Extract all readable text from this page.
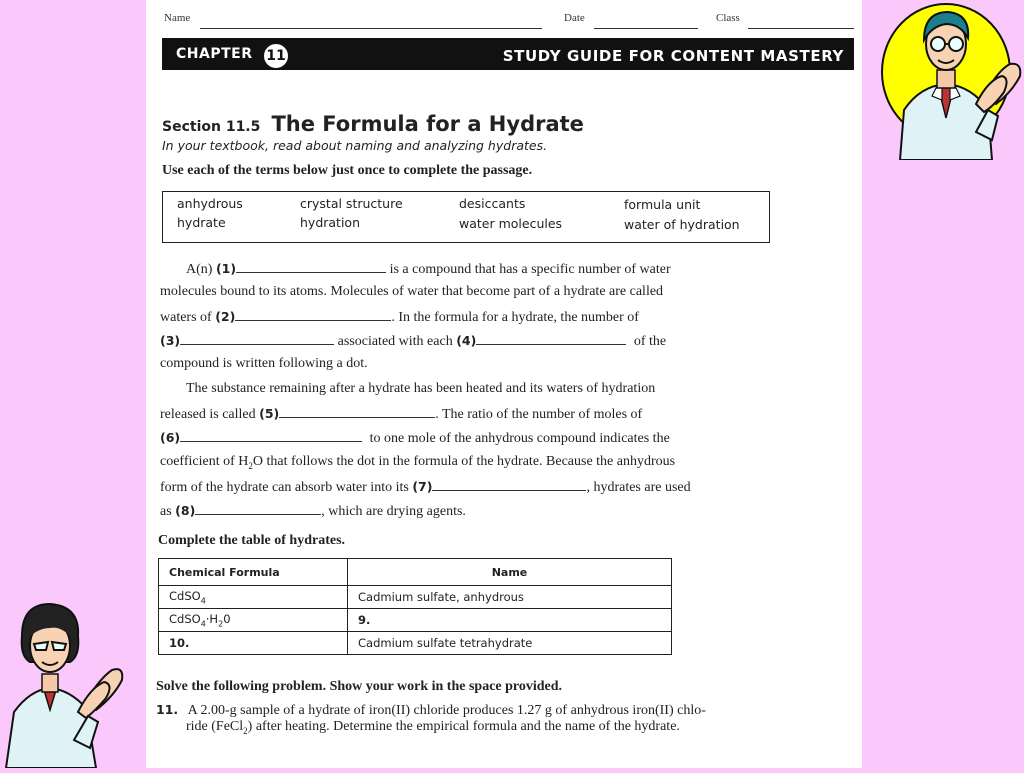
Name	Date	Class
CHAPTER 11	STUDY GUIDE FOR CONTENT MASTERY
Section 11.5 The Formula for a Hydrate
In your textbook, read about naming and analyzing hydrates.
Use each of the terms below just once to complete the passage.
anhydrous	crystal structure	desiccants	formula unit
hydrate	hydration	water molecules	water of hydration
A(n) (1)	is a compound that has a specific number of water
molecules bound to its atoms. Molecules of water that become part of a hydrate are called
waters of (2)	. In the formula for a hydrate, the number of
(3)	associated with each (4)	of the
compound is written following a dot.
The substance remaining after a hydrate has been heated and its waters of hydration
released is called (5)	. The ratio of the number of moles of
(6)	to one mole of the anhydrous compound indicates the
coefficient of $H_2O$ that follows the dot in the formula of the hydrate. Because the anhydrous
form of the hydrate can absorb water into its (7)	, hydrates are used
as (8)	, which are drying agents.
Complete the table of hydrates.
Chemical Formula	Name
CdSO$_4$	Cadmium sulfate, anhydrous
$CdSO_4\cdot H_20$	9.
10.	Cadmium sulfate tetrahydrate
Solve the following problem. Show your work in the space provided.
11. A 2.00-g sample of a hydrate of iron(II) chloride produces 1.27 g of anhydrous iron(II) chlo-
ride (FeCl$_2$) after heating. Determine the empirical formula and the name of the hydrate.
